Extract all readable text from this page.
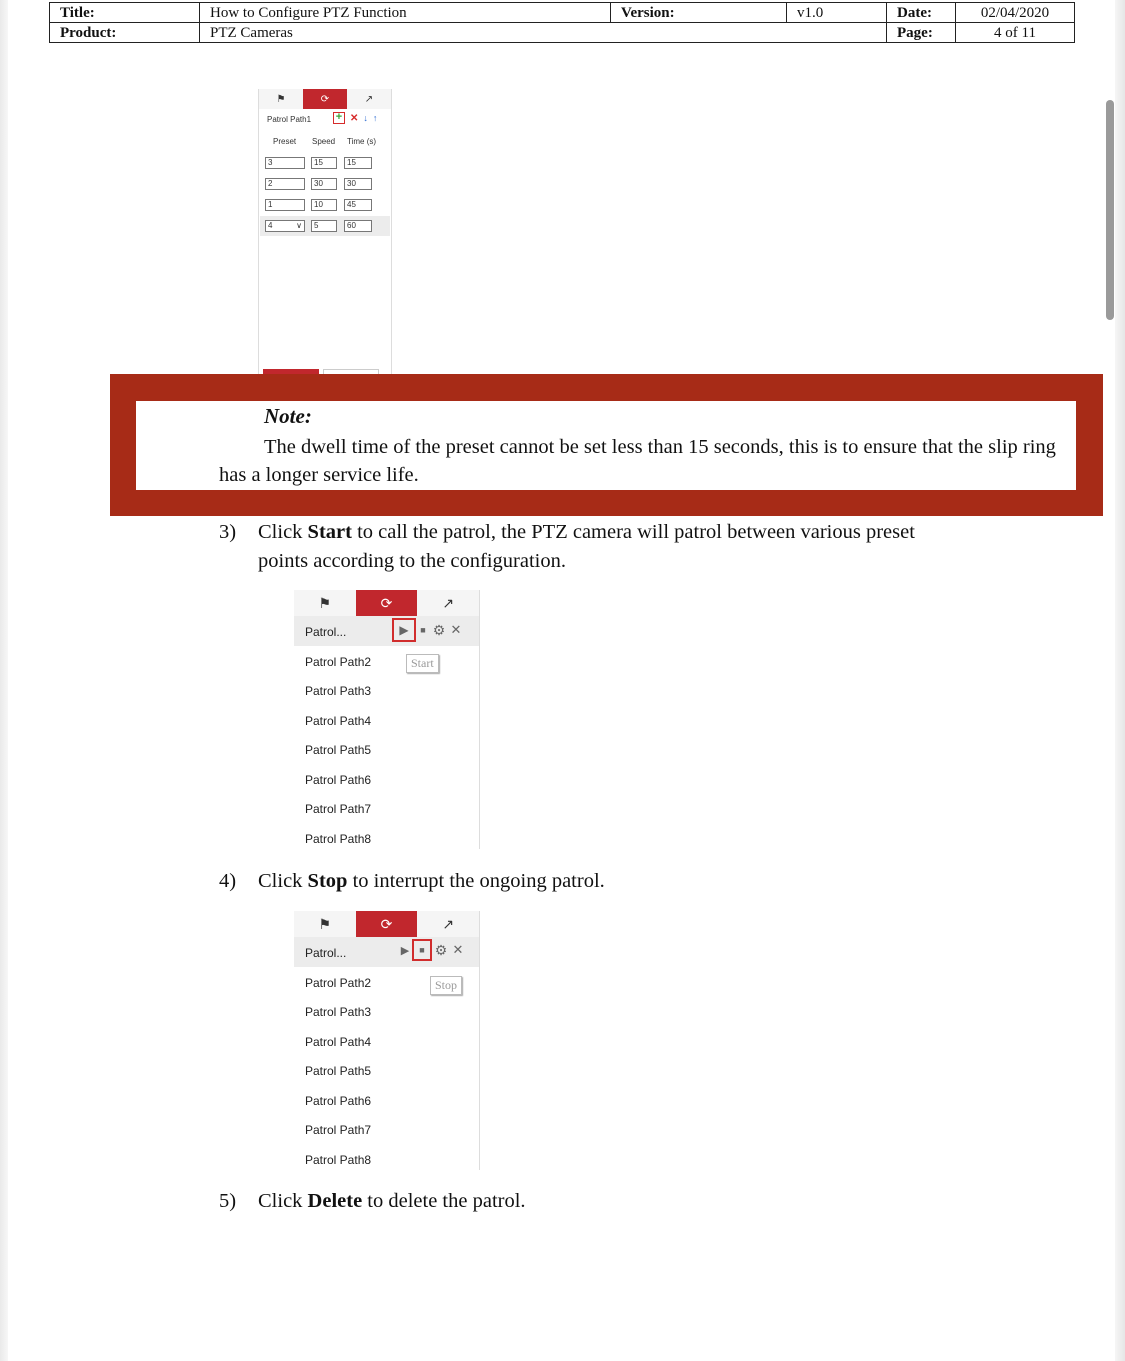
Title:	How to Configure PTZ Function	Version:	v1.0	Date:	02/04/2020
Product:	PTZ Cameras			Page:	4 of 11
⚑	⟳	↗
Patrol Path1 + ✕ ↓ ↑
Preset Speed Time (s)
3	15	15
2	30	30
1	10	45
4	∨	5	60
Note:
The dwell time of the preset cannot be set less than 15 seconds, this is to ensure that the slip ring has a longer service life.
3) Click Start to call the patrol, the PTZ camera will patrol between various preset
points according to the configuration.
⚑	⟳	↗
Patrol...
Patrol Path2
Patrol Path3
Patrol Path4
Patrol Path5
Patrol Path6
Patrol Path7
Patrol Path8
▶	■ ⚙ ✕
Start
4) Click Stop to interrupt the ongoing patrol.
⚑	⟳	↗
Patrol...
Patrol Path2
Patrol Path3
Patrol Path4
Patrol Path5
Patrol Path6
Patrol Path7
Patrol Path8
▶	■ ⚙ ✕
Stop
5) Click Delete to delete the patrol.
